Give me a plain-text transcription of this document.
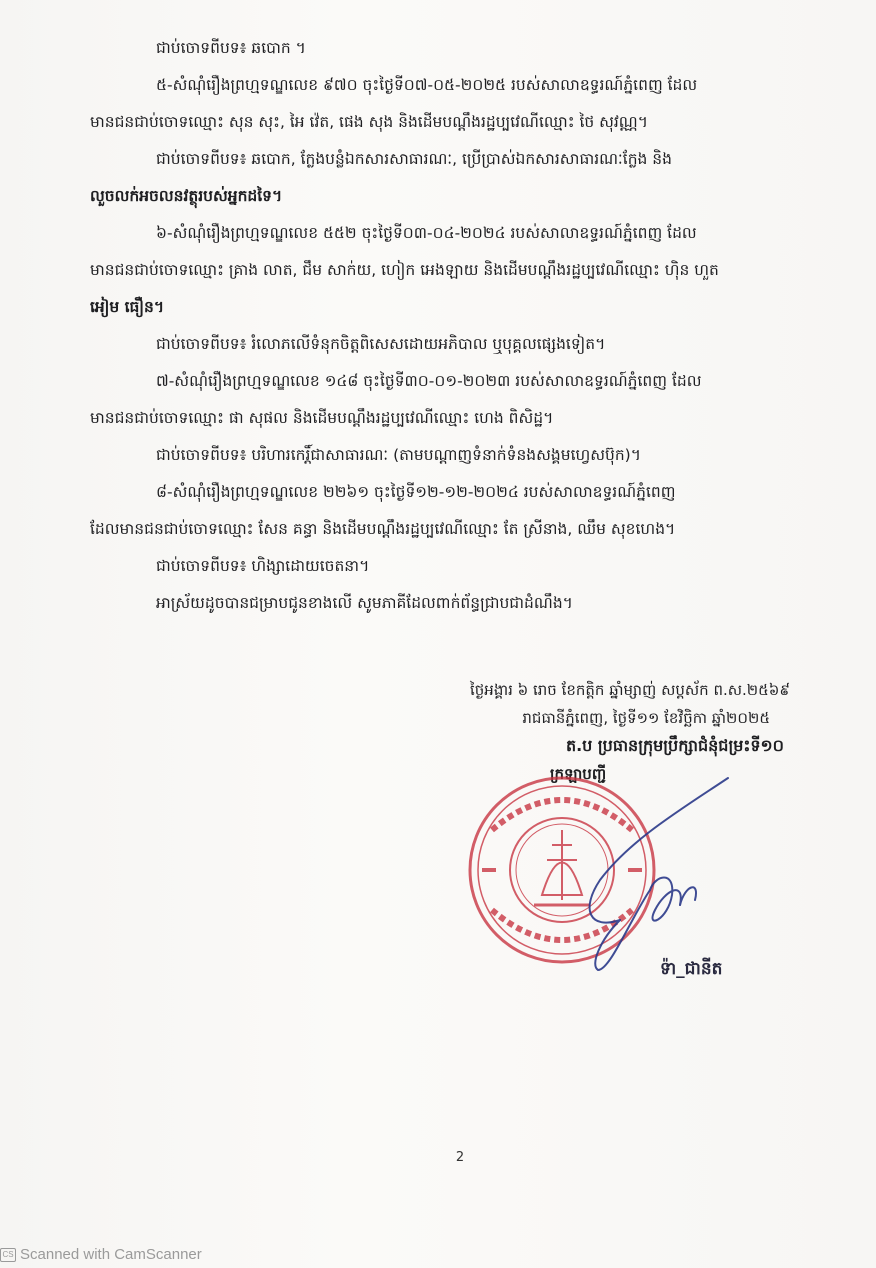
ជាប់ចោទពីបទ៖ ឆបោក ។
៥-សំណុំរឿងព្រហ្មទណ្ឌលេខ ៩៧០ ចុះថ្ងៃទី០៧-០៥-២០២៥ របស់សាលាឧទ្ធរណ៍ភ្នំពេញ ដែល
មានជនជាប់ចោទឈ្មោះ សុន សុះ, អៃ វ៉េត, ផេង សុង និងដើមបណ្តឹងរដ្ឋប្បវេណីឈ្មោះ ថៃ សុវណ្ណ។
ជាប់ចោទពីបទ៖ ឆបោក, ក្លែងបន្លំឯកសារសាធារណៈ, ប្រើប្រាស់ឯកសារសាធារណៈក្លែង និង
លួចលក់អចលនវត្ថុរបស់អ្នកដទៃ។
៦-សំណុំរឿងព្រហ្មទណ្ឌលេខ ៥៥២ ចុះថ្ងៃទី០៣-០៤-២០២៤ របស់សាលាឧទ្ធរណ៍ភ្នំពេញ ដែល
មានជនជាប់ចោទឈ្មោះ គ្រាង លាត, ជឹម សាក់យ, ហៀក អេងឡាយ និងដើមបណ្តឹងរដ្ឋប្បវេណីឈ្មោះ ហ៊ិន ហួត
អៀម ធឿន។
ជាប់ចោទពីបទ៖ រំលោភលើទំនុកចិត្តពិសេសដោយអភិបាល ឬបុគ្គលផ្សេងទៀត។
៧-សំណុំរឿងព្រហ្មទណ្ឌលេខ ១៤៨ ចុះថ្ងៃទី៣០-០១-២០២៣ របស់សាលាឧទ្ធរណ៍ភ្នំពេញ ដែល
មានជនជាប់ចោទឈ្មោះ ផា សុផល និងដើមបណ្តឹងរដ្ឋប្បវេណីឈ្មោះ ហេង ពិសិដ្ឋ។
ជាប់ចោទពីបទ៖ បរិហារកេរ្តិ៍ជាសាធារណៈ (តាមបណ្តាញទំនាក់ទំនងសង្គមហ្វេសប៊ុក)។
៨-សំណុំរឿងព្រហ្មទណ្ឌលេខ ២២៦១ ចុះថ្ងៃទី១២-១២-២០២៤ របស់សាលាឧទ្ធរណ៍ភ្នំពេញ
ដែលមានជនជាប់ចោទឈ្មោះ សែន គន្ធា និងដើមបណ្តឹងរដ្ឋប្បវេណីឈ្មោះ តែ ស្រីនាង, ឈឹម សុខហេង។
ជាប់ចោទពីបទ៖ ហិង្សាដោយចេតនា។
អាស្រ័យដូចបានជម្រាបជូនខាងលើ សូមភាគីដែលពាក់ព័ន្ធជ្រាបជាដំណឹង។
ថ្ងៃអង្គារ ៦ រោច ខែកត្តិក ឆ្នាំម្សាញ់ សប្តស័ក ព.ស.២៥៦៩
រាជធានីភ្នំពេញ, ថ្ងៃទី១១ ខែវិច្ឆិកា ឆ្នាំ២០២៥
ត.ប ប្រធានក្រុមប្រឹក្សាជំនុំជម្រះទី១០
ក្រឡាបញ្ជី
ទ៉ា_ជានីត
2
CS Scanned with CamScanner
